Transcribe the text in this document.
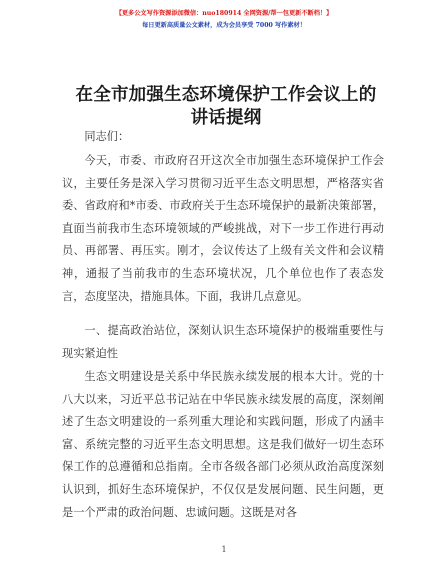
【更多公文写作资源添加微信：nuo180914 全网资源/帮一包更新不断档！】
每日更新高质量公文素材，成为会员享受 7000 写作素材！
在全市加强生态环境保护工作会议上的讲话提纲
同志们：
今天，市委、市政府召开这次全市加强生态环境保护工作会议，主要任务是深入学习贯彻习近平生态文明思想，严格落实省委、省政府和*市委、市政府关于生态环境保护的最新决策部署，直面当前我市生态环境领域的严峻挑战，对下一步工作进行再动员、再部署、再压实。刚才，会议传达了上级有关文件和会议精神，通报了当前我市的生态环境状况，几个单位也作了表态发言，态度坚决，措施具体。下面，我讲几点意见。
一、提高政治站位，深刻认识生态环境保护的极端重要性与现实紧迫性
生态文明建设是关系中华民族永续发展的根本大计。党的十八大以来，习近平总书记站在中华民族永续发展的高度，深刻阐述了生态文明建设的一系列重大理论和实践问题，形成了内涵丰富、系统完整的习近平生态文明思想。这是我们做好一切生态环保工作的总遵循和总指南。全市各级各部门必须从政治高度深刻认识到，抓好生态环境保护，不仅仅是发展问题、民生问题，更是一个严肃的政治问题、忠诚问题。这既是对各
1
